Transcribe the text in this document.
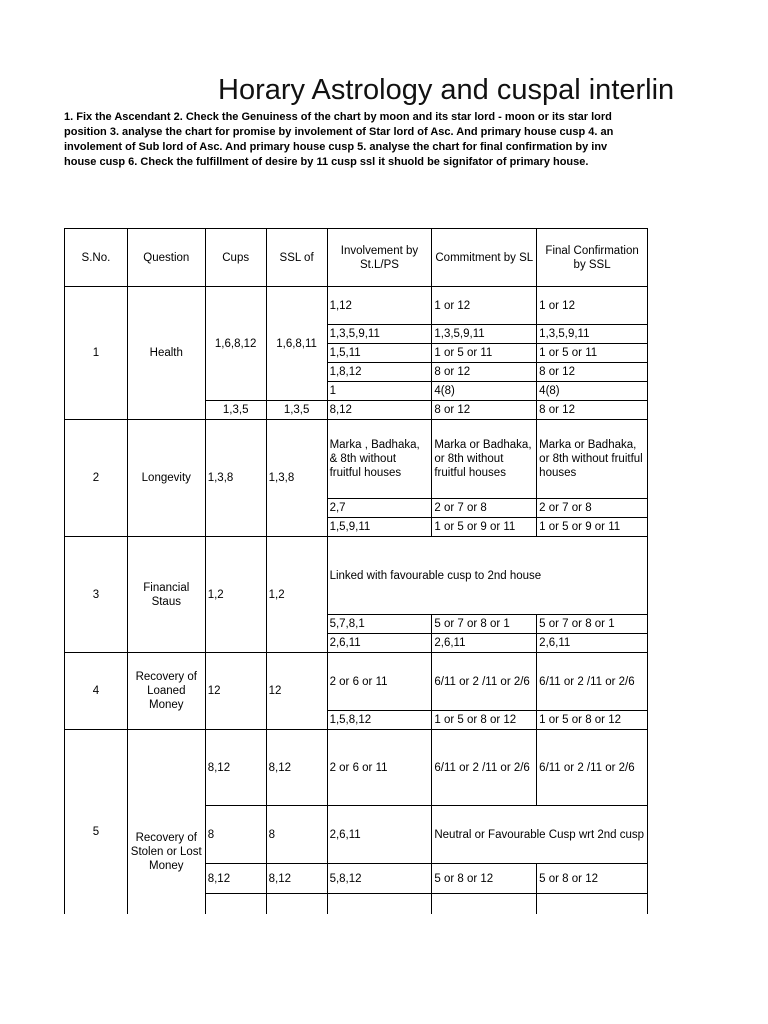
Horary Astrology and cuspal interlin
1. Fix the Ascendant 2. Check the Genuiness of the chart by moon and its star lord - moon or its star lord
position 3. analyse the chart for promise by involement of Star lord of Asc. And primary house cusp 4. an
involement of Sub lord of Asc. And primary house cusp 5. analyse the chart for final confirmation by inv
house cusp 6. Check the fulfillment of desire by 11 cusp ssl it shuold be signifator of primary house.
S.No.	Question	Cups	SSL of	Involvement by St.L/PS	Commitment by SL	Final Confirmation by SSL
1	Health	1,6,8,12	1,6,8,11	1,12	1 or 12	1 or 12
				1,3,5,9,11	1,3,5,9,11	1,3,5,9,11
				1,5,11	1 or 5 or 11	1 or 5 or 11
				1,8,12	8 or 12	8 or 12
				1	4(8)	4(8)
		1,3,5	1,3,5	8,12	8 or 12	8 or 12
2	Longevity	1,3,8	1,3,8	Marka , Badhaka, & 8th without fruitful houses	Marka or Badhaka, or 8th without fruitful houses	Marka or Badhaka, or 8th without fruitful houses
				2,7	2 or 7 or 8	2 or 7 or 8
				1,5,9,11	1 or 5 or 9 or 11	1 or 5 or 9 or 11
3	Financial Staus	1,2	1,2	Linked with favourable cusp to 2nd house		
				5,7,8,1	5 or 7 or 8 or 1	5 or 7 or 8 or 1
				2,6,11	2,6,11	2,6,11
4	Recovery of Loaned Money	12	12	2 or 6 or 11	6/11 or 2 /11 or 2/6	6/11 or 2 /11 or 2/6
				1,5,8,12	1 or 5 or 8 or 12	1 or 5 or 8 or 12
5	Recovery of Stolen or Lost Money	8,12	8,12	2 or 6 or 11	6/11 or 2 /11 or 2/6	6/11 or 2 /11 or 2/6
		8	8	2,6,11	Neutral or Favourable Cusp wrt 2nd cusp	
		8,12	8,12	5,8,12	5 or 8 or 12	5 or 8 or 12
